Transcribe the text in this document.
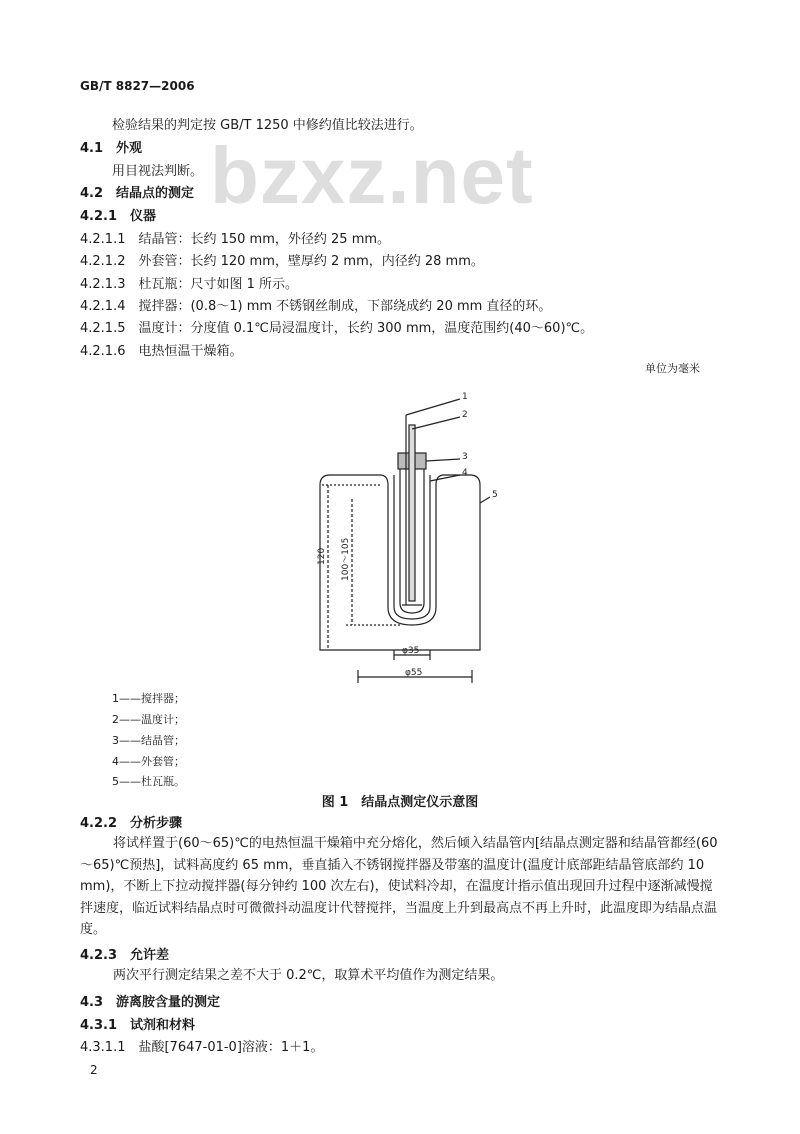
bzxz.net
GB/T 8827—2006
检验结果的判定按 GB/T 1250 中修约值比较法进行。
4.1　外观
用目视法判断。
4.2　结晶点的测定
4.2.1　仪器
4.2.1.1　结晶管：长约 150 mm，外径约 25 mm。
4.2.1.2　外套管：长约 120 mm，壁厚约 2 mm，内径约 28 mm。
4.2.1.3　杜瓦瓶：尺寸如图 1 所示。
4.2.1.4　搅拌器：(0.8～1) mm 不锈钢丝制成，下部绕成约 20 mm 直径的环。
4.2.1.5　温度计：分度值 0.1℃局浸温度计，长约 300 mm，温度范围约(40～60)℃。
4.2.1.6　电热恒温干燥箱。
单位为毫米
1
2
3
4
5
120 100～105
φ35
φ55
1——搅拌器；
2——温度计；
3——结晶管；
4——外套管；
5——杜瓦瓶。
图 1　结晶点测定仪示意图
4.2.2　分析步骤
将试样置于(60～65)℃的电热恒温干燥箱中充分熔化，然后倾入结晶管内[结晶点测定器和结晶管都经(60～65)℃预热]，试料高度约 65 mm，垂直插入不锈钢搅拌器及带塞的温度计(温度计底部距结晶管底部约 10 mm)，不断上下拉动搅拌器(每分钟约 100 次左右)，使试料冷却，在温度计指示值出现回升过程中逐渐减慢搅拌速度，临近试料结晶点时可微微抖动温度计代替搅拌，当温度上升到最高点不再上升时，此温度即为结晶点温度。
4.2.3　允许差
两次平行测定结果之差不大于 0.2℃，取算术平均值作为测定结果。
4.3　游离胺含量的测定
4.3.1　试剂和材料
4.3.1.1　盐酸[7647-01-0]溶液：1＋1。
2
